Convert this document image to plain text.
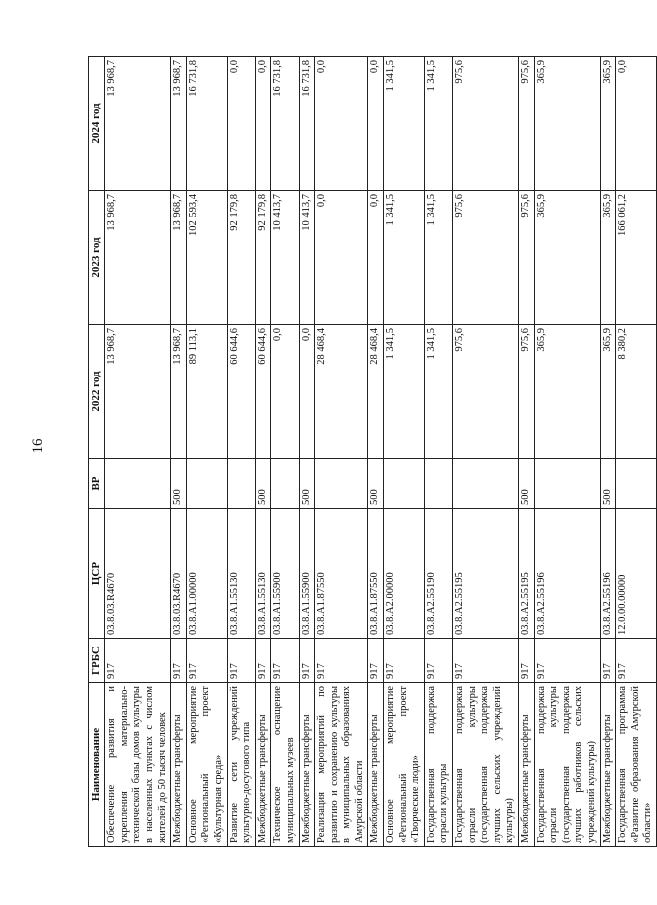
16
Наименование	ГРБС	ЦСР	ВР	2022 год	2023 год	2024 год
Обеспечение развития и укрепления материально-технической базы домов культуры в населенных пунктах с числом жителей до 50 тысяч человек	917	03.8.03.R4670		13 968,7	13 968,7	13 968,7
Межбюджетные трансферты	917	03.8.03.R4670	500	13 968,7	13 968,7	13 968,7
Основное мероприятие «Региональный проект «Культурная среда»	917	03.8.A1.00000		89 113,1	102 593,4	16 731,8
Развитие сети учреждений культурно-досугового типа	917	03.8.A1.55130		60 644,6	92 179,8	0,0
Межбюджетные трансферты	917	03.8.A1.55130	500	60 644,6	92 179,8	0,0
Техническое оснащение муниципальных музеев	917	03.8.A1.55900		0,0	10 413,7	16 731,8
Межбюджетные трансферты	917	03.8.A1.55900	500	0,0	10 413,7	16 731,8
Реализация мероприятий по развитию и сохранению культуры в муниципальных образованиях Амурской области	917	03.8.A1.87550		28 468,4	0,0	0,0
Межбюджетные трансферты	917	03.8.A1.87550	500	28 468,4	0,0	0,0
Основное мероприятие «Региональный проект «Творческие люди»	917	03.8.A2.00000		1 341,5	1 341,5	1 341,5
Государственная поддержка отрасли культуры	917	03.8.A2.55190		1 341,5	1 341,5	1 341,5
Государственная поддержка отрасли культуры (государственная поддержка лучших сельских учреждений культуры)	917	03.8.A2.55195		975,6	975,6	975,6
Межбюджетные трансферты	917	03.8.A2.55195	500	975,6	975,6	975,6
Государственная поддержка отрасли культуры (государственная поддержка лучших работников сельских учреждений культуры)	917	03.8.A2.55196		365,9	365,9	365,9
Межбюджетные трансферты	917	03.8.A2.55196	500	365,9	365,9	365,9
Государственная программа «Развитие образования Амурской области»	917	12.0.00.00000		8 380,2	166 061,2	0,0
